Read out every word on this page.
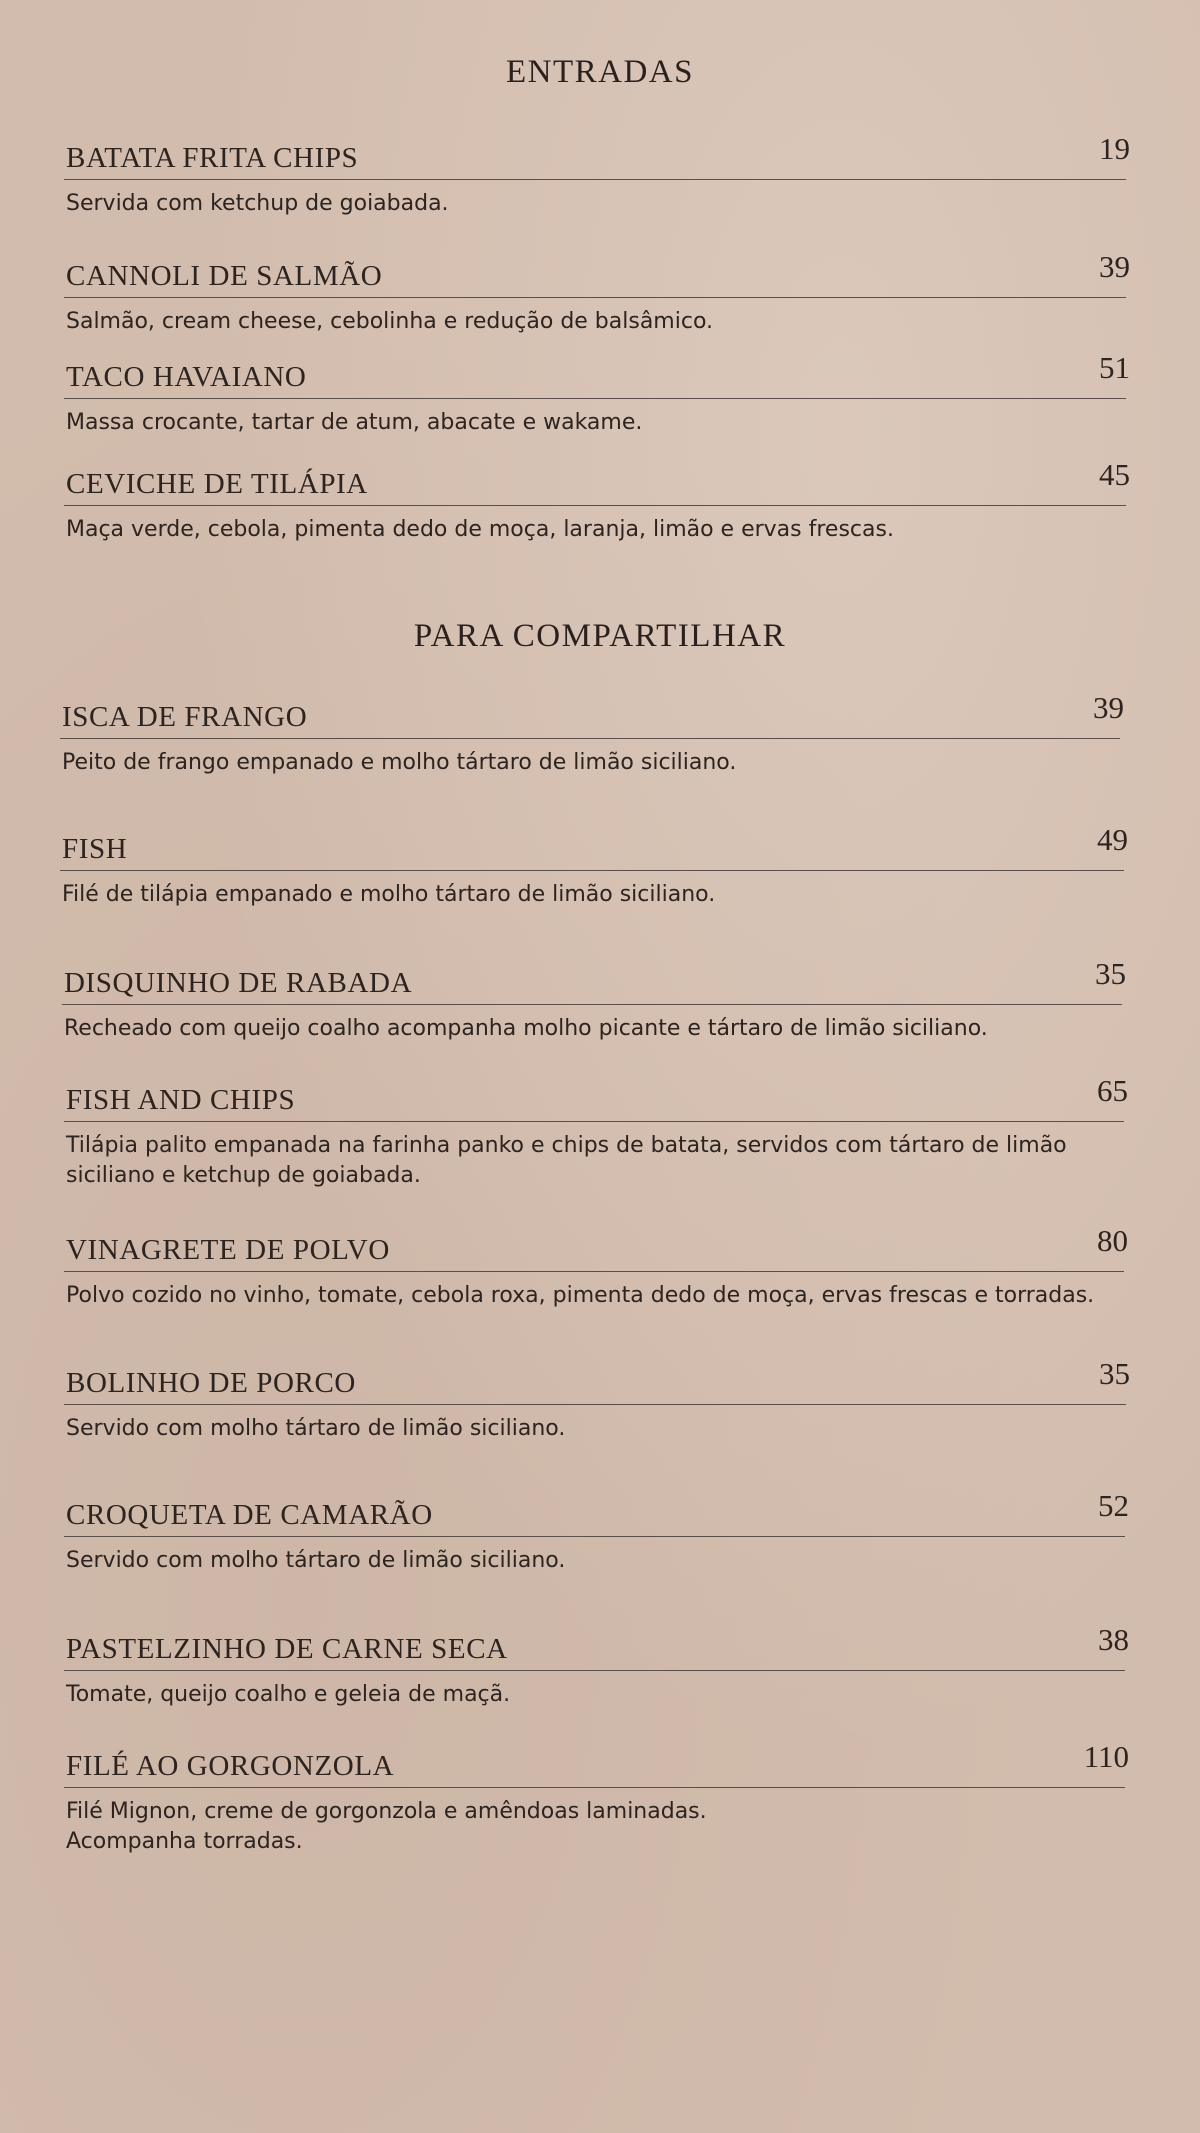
ENTRADAS
BATATA FRITA CHIPS	19
Servida com ketchup de goiabada.
CANNOLI DE SALMÃO	39
Salmão, cream cheese, cebolinha e redução de balsâmico.
TACO HAVAIANO	51
Massa crocante, tartar de atum, abacate e wakame.
CEVICHE DE TILÁPIA	45
Maça verde, cebola, pimenta dedo de moça, laranja, limão e ervas frescas.
PARA COMPARTILHAR
ISCA DE FRANGO	39
Peito de frango empanado e molho tártaro de limão siciliano.
FISH	49
Filé de tilápia empanado e molho tártaro de limão siciliano.
DISQUINHO DE RABADA	35
Recheado com queijo coalho acompanha molho picante e tártaro de limão siciliano.
FISH AND CHIPS	65
Tilápia palito empanada na farinha panko e chips de batata, servidos com tártaro de limão siciliano e ketchup de goiabada.
VINAGRETE DE POLVO	80
Polvo cozido no vinho, tomate, cebola roxa, pimenta dedo de moça, ervas frescas e torradas.
BOLINHO DE PORCO	35
Servido com molho tártaro de limão siciliano.
CROQUETA DE CAMARÃO	52
Servido com molho tártaro de limão siciliano.
PASTELZINHO DE CARNE SECA	38
Tomate, queijo coalho e geleia de maçã.
FILÉ AO GORGONZOLA	110
Filé Mignon, creme de gorgonzola e amêndoas laminadas.
Acompanha torradas.
